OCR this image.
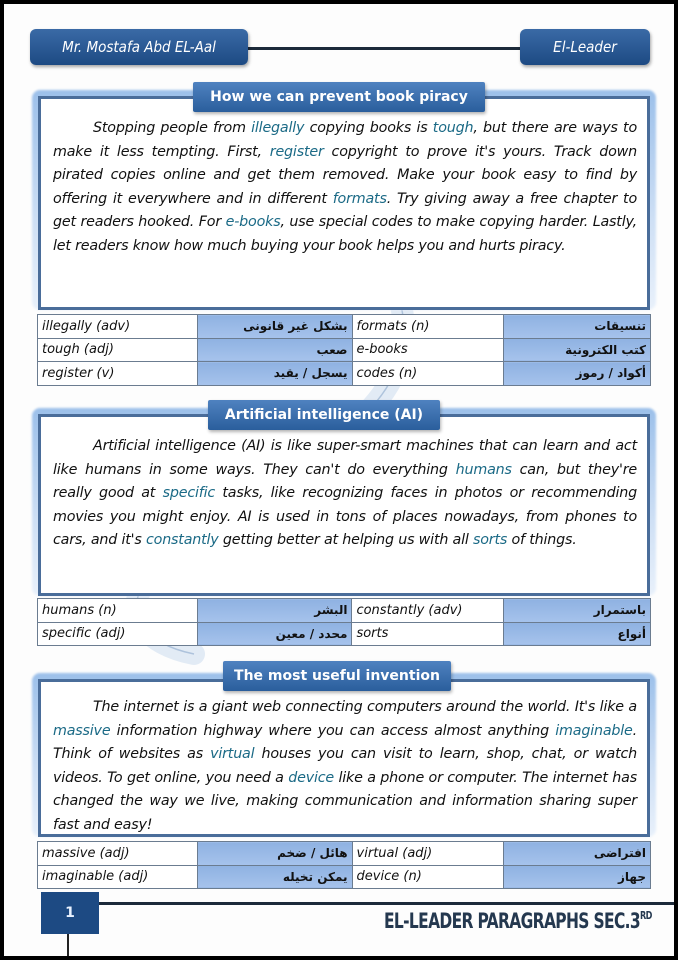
Mr. Mostafa Abd EL-Aal	El-Leader

Stopping people from illegally copying books is tough, but there are ways to make it less tempting. First, register copyright to prove it's yours. Track down pirated copies online and get them removed. Make your book easy to find by offering it everywhere and in different formats. Try giving away a free chapter to get readers hooked. For e-books, use special codes to make copying harder. Lastly, let readers know how much buying your book helps you and hurts piracy.

How we can prevent book piracy
illegally (adv)	بشكل غير قانونى	formats (n)	تنسيقات
tough (adj)	صعب	e-books	كتب الكترونية
register (v)	يسجل / يقيد	codes (n)	أكواد / رموز

Artificial intelligence (AI) is like super-smart machines that can learn and act like humans in some ways. They can't do everything humans can, but they're really good at specific tasks, like recognizing faces in photos or recommending movies you might enjoy. AI is used in tons of places nowadays, from phones to cars, and it's constantly getting better at helping us with all sorts of things.

Artificial intelligence (AI)
humans (n)	البشر	constantly (adv)	باستمرار
specific (adj)	محدد / معين	sorts	أنواع

The internet is a giant web connecting computers around the world. It's like a massive information highway where you can access almost anything imaginable. Think of websites as virtual houses you can visit to learn, shop, chat, or watch videos. To get online, you need a device like a phone or computer. The internet has changed the way we live, making communication and information sharing super fast and easy!

The most useful invention
massive (adj)	هائل / ضخم	virtual (adj)	افتراضى
imaginable (adj)	يمكن تخيله	device (n)	جهاز
1	EL-LEADER PARAGRAPHS SEC.3RD
